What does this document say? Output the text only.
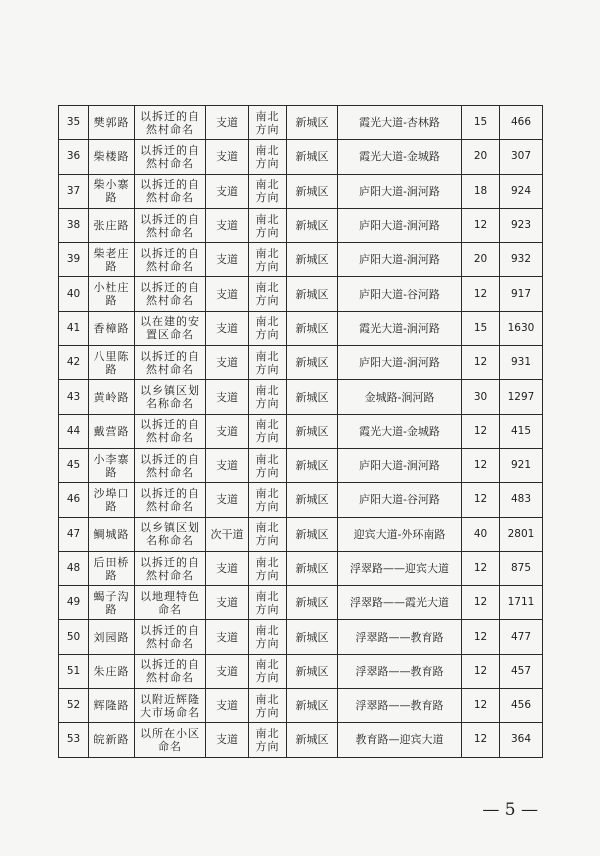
35	樊郭路	以拆迁的自然村命名	支道	南北方向	新城区	霞光大道-杏林路	15	466
36	柴楼路	以拆迁的自然村命名	支道	南北方向	新城区	霞光大道-金城路	20	307
37	柴小寨路	以拆迁的自然村命名	支道	南北方向	新城区	庐阳大道-涧河路	18	924
38	张庄路	以拆迁的自然村命名	支道	南北方向	新城区	庐阳大道-涧河路	12	923
39	柴老庄路	以拆迁的自然村命名	支道	南北方向	新城区	庐阳大道-涧河路	20	932
40	小杜庄路	以拆迁的自然村命名	支道	南北方向	新城区	庐阳大道-谷河路	12	917
41	香樟路	以在建的安置区命名	支道	南北方向	新城区	霞光大道-涧河路	15	1630
42	八里陈路	以拆迁的自然村命名	支道	南北方向	新城区	庐阳大道-涧河路	12	931
43	黄岭路	以乡镇区划名称命名	支道	南北方向	新城区	金城路-涧河路	30	1297
44	戴营路	以拆迁的自然村命名	支道	南北方向	新城区	霞光大道-金城路	12	415
45	小李寨路	以拆迁的自然村命名	支道	南北方向	新城区	庐阳大道-涧河路	12	921
46	沙埠口路	以拆迁的自然村命名	支道	南北方向	新城区	庐阳大道-谷河路	12	483
47	鲷城路	以乡镇区划名称命名	次干道	南北方向	新城区	迎宾大道-外环南路	40	2801
48	后田桥路	以拆迁的自然村命名	支道	南北方向	新城区	浮翠路——迎宾大道	12	875
49	蝎子沟路	以地理特色命名	支道	南北方向	新城区	浮翠路——霞光大道	12	1711
50	刘园路	以拆迁的自然村命名	支道	南北方向	新城区	浮翠路——教育路	12	477
51	朱庄路	以拆迁的自然村命名	支道	南北方向	新城区	浮翠路——教育路	12	457
52	辉隆路	以附近辉隆大市场命名	支道	南北方向	新城区	浮翠路——教育路	12	456
53	皖新路	以所在小区命名	支道	南北方向	新城区	教育路—迎宾大道	12	364
— 5 —
